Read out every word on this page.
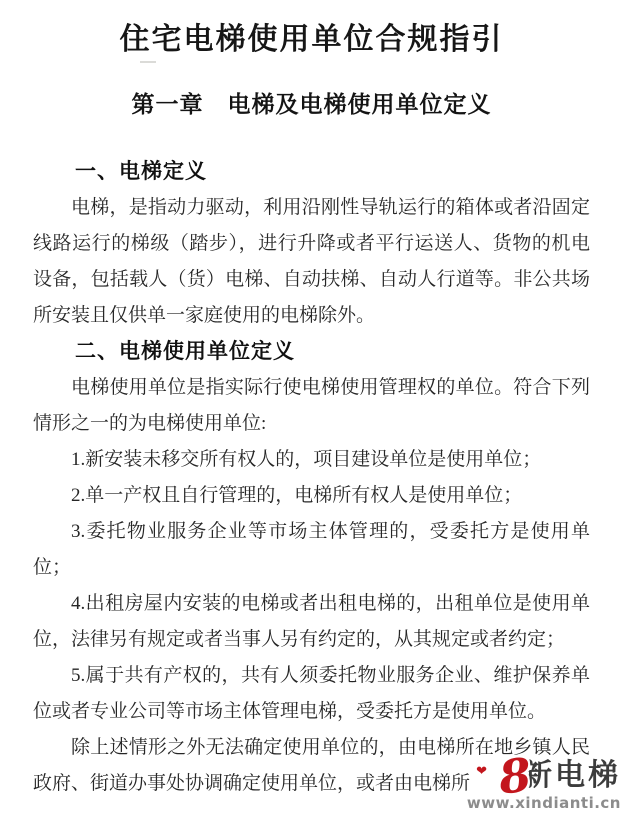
住宅电梯使用单位合规指引
第一章　电梯及电梯使用单位定义
一、电梯定义

电梯，是指动力驱动，利用沿刚性导轨运行的箱体或者沿固定线路运行的梯级（踏步），进行升降或者平行运送人、货物的机电设备，包括载人（货）电梯、自动扶梯、自动人行道等。非公共场所安装且仅供单一家庭使用的电梯除外。

二、电梯使用单位定义

电梯使用单位是指实际行使电梯使用管理权的单位。符合下列情形之一的为电梯使用单位:

1.新安装未移交所有权人的，项目建设单位是使用单位；

2.单一产权且自行管理的，电梯所有权人是使用单位；

3.委托物业服务企业等市场主体管理的，受委托方是使用单位；

4.出租房屋内安装的电梯或者出租电梯的，出租单位是使用单位，法律另有规定或者当事人另有约定的，从其规定或者约定；

5.属于共有产权的，共有人须委托物业服务企业、维护保养单位或者专业公司等市场主体管理电梯，受委托方是使用单位。

除上述情形之外无法确定使用单位的，由电梯所在地乡镇人民政府、街道办事处协调确定使用单位，或者由电梯所 8
新电梯
❤
www.xindianti.cn
